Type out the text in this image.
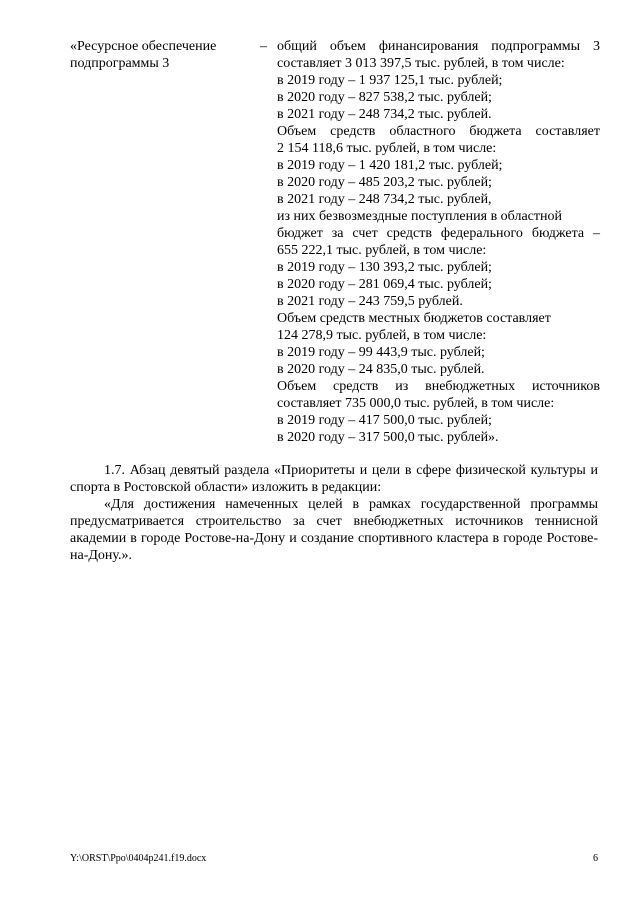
«Ресурсное обеспечение подпрограммы 3
– общий объем финансирования подпрограммы 3

составляет 3 013 397,5 тыс. рублей, в том числе:

в 2019 году – 1 937 125,1 тыс. рублей;

в 2020 году – 827 538,2 тыс. рублей;

в 2021 году – 248 734,2 тыс. рублей.

Объем средств областного бюджета составляет

2 154 118,6 тыс. рублей, в том числе:

в 2019 году – 1 420 181,2 тыс. рублей;

в 2020 году – 485 203,2 тыс. рублей;

в 2021 году – 248 734,2 тыс. рублей,

из них безвозмездные поступления в областной

бюджет за счет средств федерального бюджета –

655 222,1 тыс. рублей, в том числе:

в 2019 году – 130 393,2 тыс. рублей;

в 2020 году – 281 069,4 тыс. рублей;

в 2021 году – 243 759,5 рублей.

Объем средств местных бюджетов составляет

124 278,9 тыс. рублей, в том числе:

в 2019 году – 99 443,9 тыс. рублей;

в 2020 году – 24 835,0 тыс. рублей.

Объем средств из внебюджетных источников

составляет 735 000,0 тыс. рублей, в том числе:

в 2019 году – 417 500,0 тыс. рублей;

в 2020 году – 317 500,0 тыс. рублей».

1.7. Абзац девятый раздела «Приоритеты и цели в сфере физической культуры и спорта в Ростовской области» изложить в редакции:

«Для достижения намеченных целей в рамках государственной программы предусматривается строительство за счет внебюджетных источников теннисной академии в городе Ростове-на-Дону и создание спортивного кластера в городе Ростове-на-Дону.».

Y:\ORST\Ppo\0404p241.f19.docx	6
